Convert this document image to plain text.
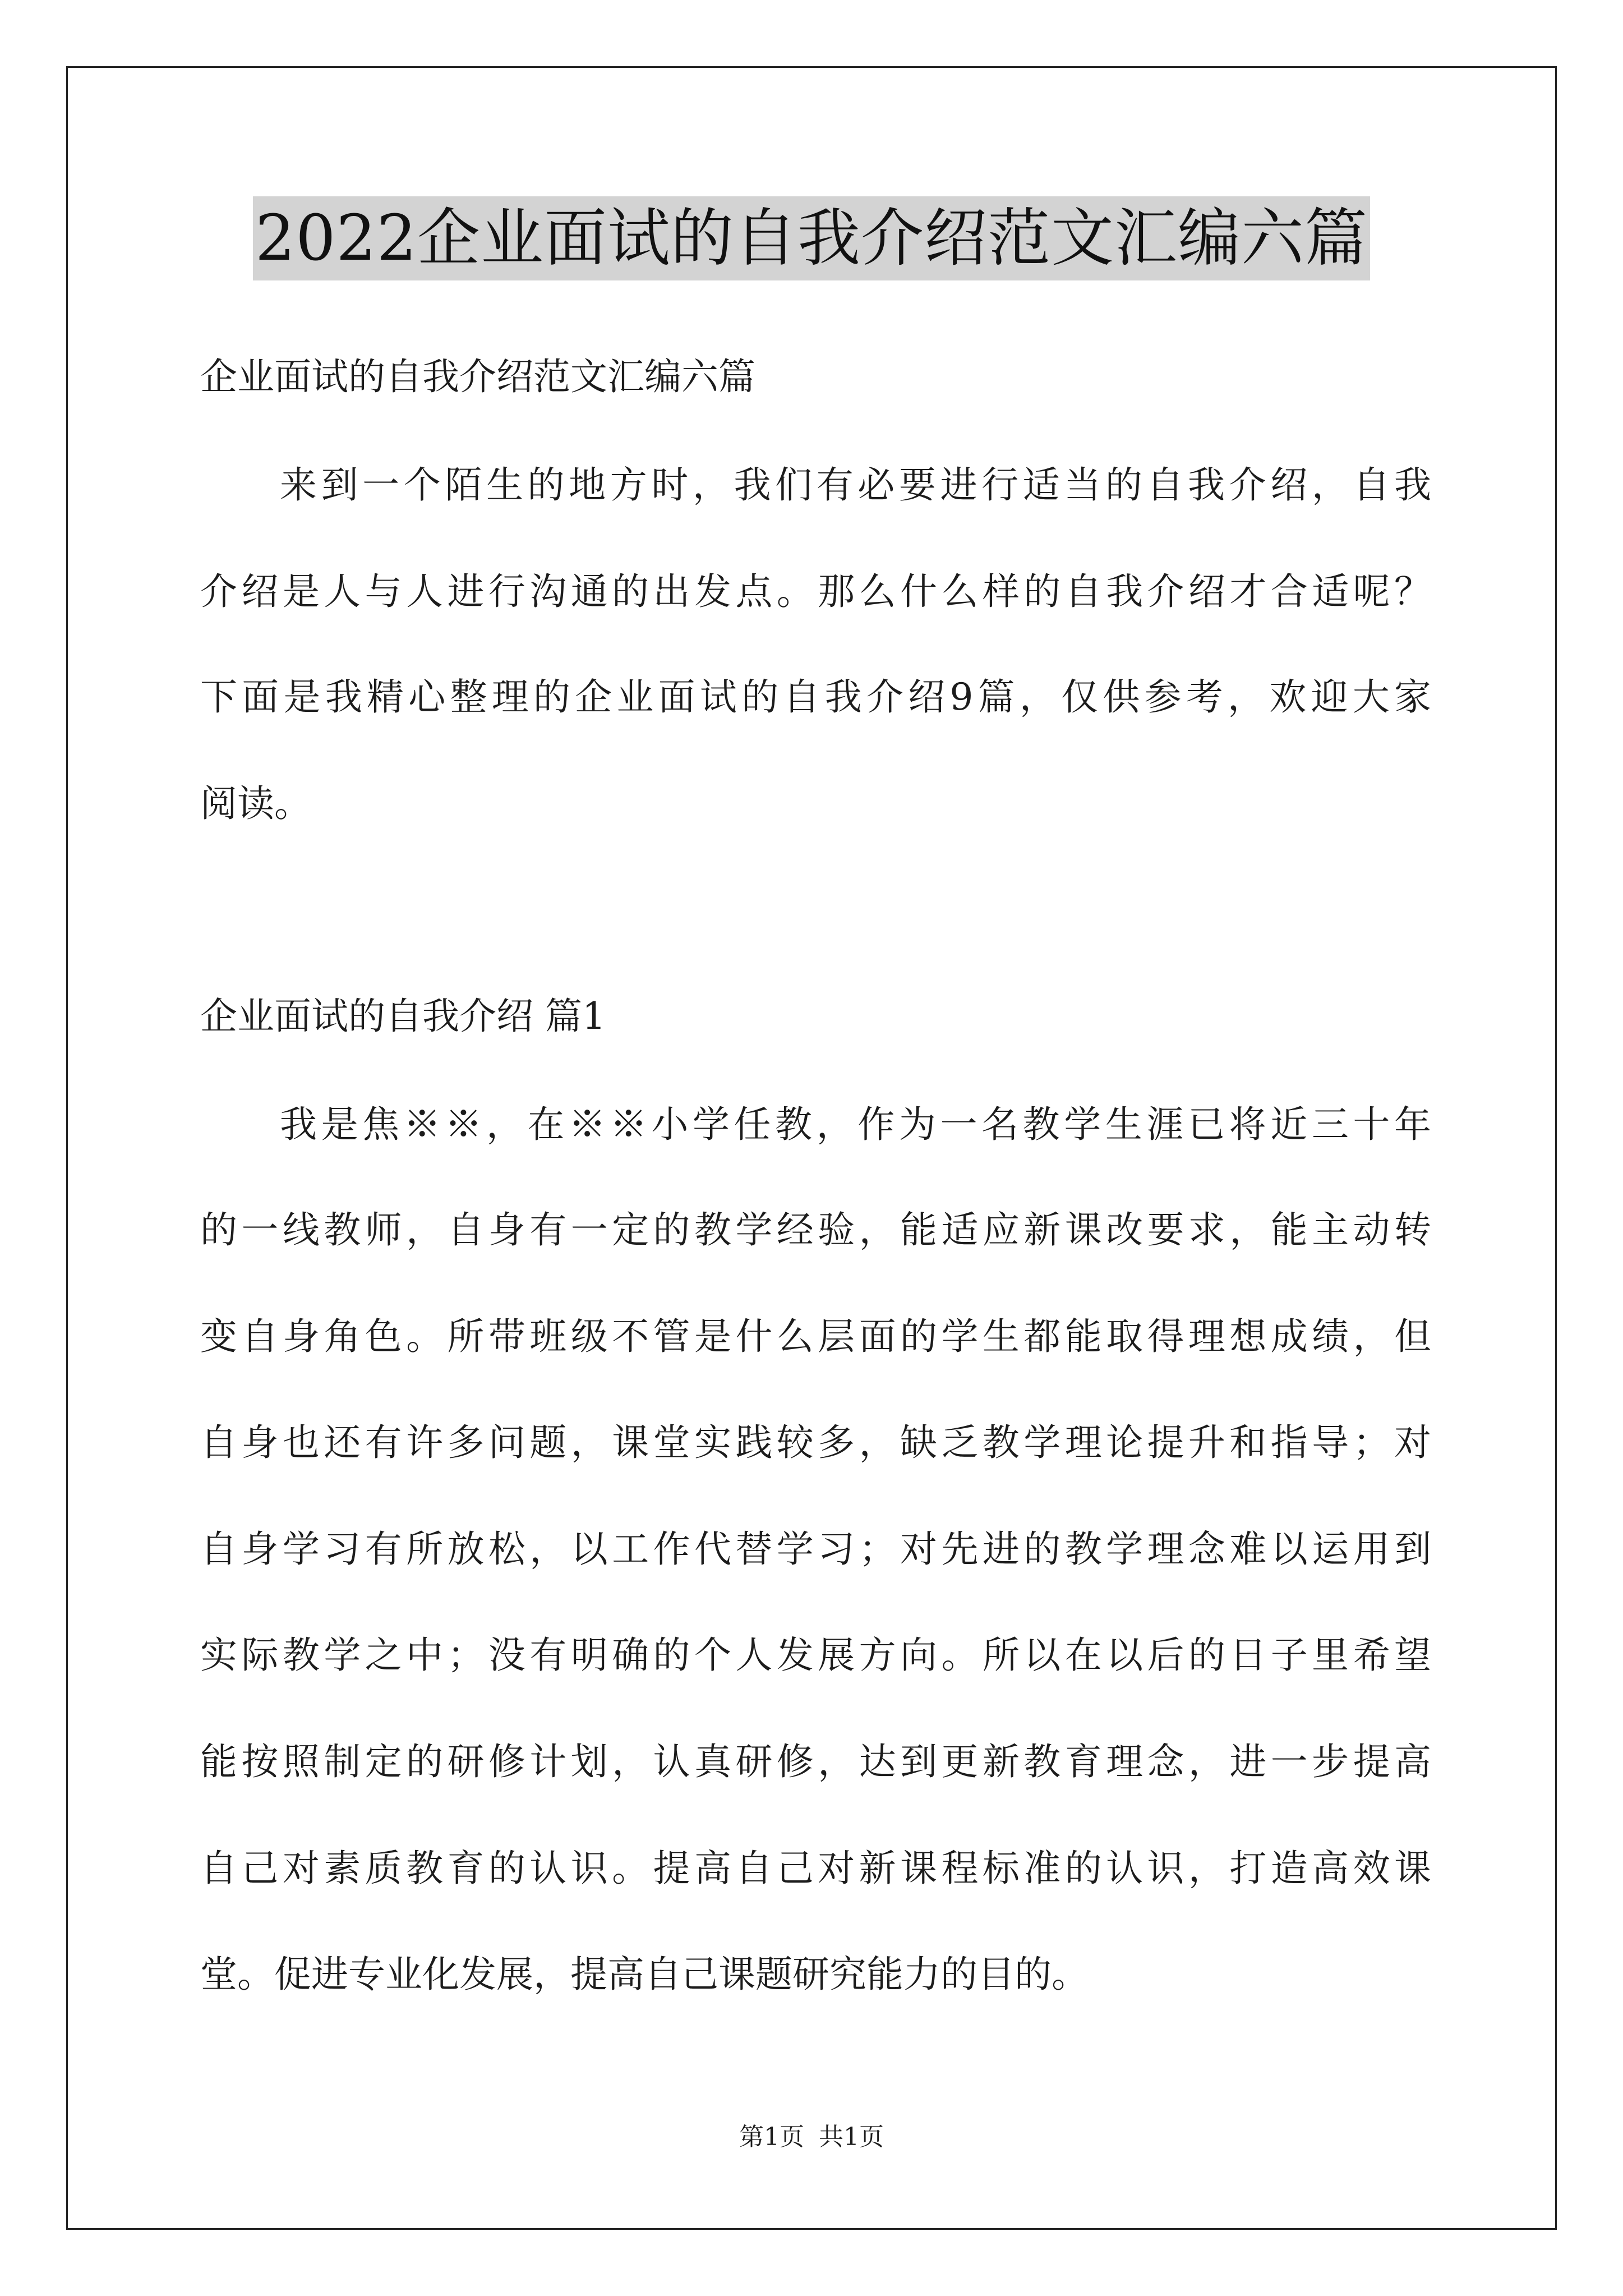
2022企业面试的自我介绍范文汇编六篇
企业面试的自我介绍范文汇编六篇
来到一个陌生的地方时，我们有必要进行适当的自我介绍，自我
介绍是人与人进行沟通的出发点。那么什么样的自我介绍才合适呢？
下面是我精心整理的企业面试的自我介绍9篇，仅供参考，欢迎大家
阅读。
企业面试的自我介绍 篇1
我是焦※※，在※※小学任教，作为一名教学生涯已将近三十年
的一线教师，自身有一定的教学经验，能适应新课改要求，能主动转
变自身角色。所带班级不管是什么层面的学生都能取得理想成绩，但
自身也还有许多问题，课堂实践较多，缺乏教学理论提升和指导；对
自身学习有所放松，以工作代替学习；对先进的教学理念难以运用到
实际教学之中；没有明确的个人发展方向。所以在以后的日子里希望
能按照制定的研修计划，认真研修，达到更新教育理念，进一步提高
自己对素质教育的认识。提高自己对新课程标准的认识，打造高效课
堂。促进专业化发展，提高自己课题研究能力的目的。
第1页 共1页
